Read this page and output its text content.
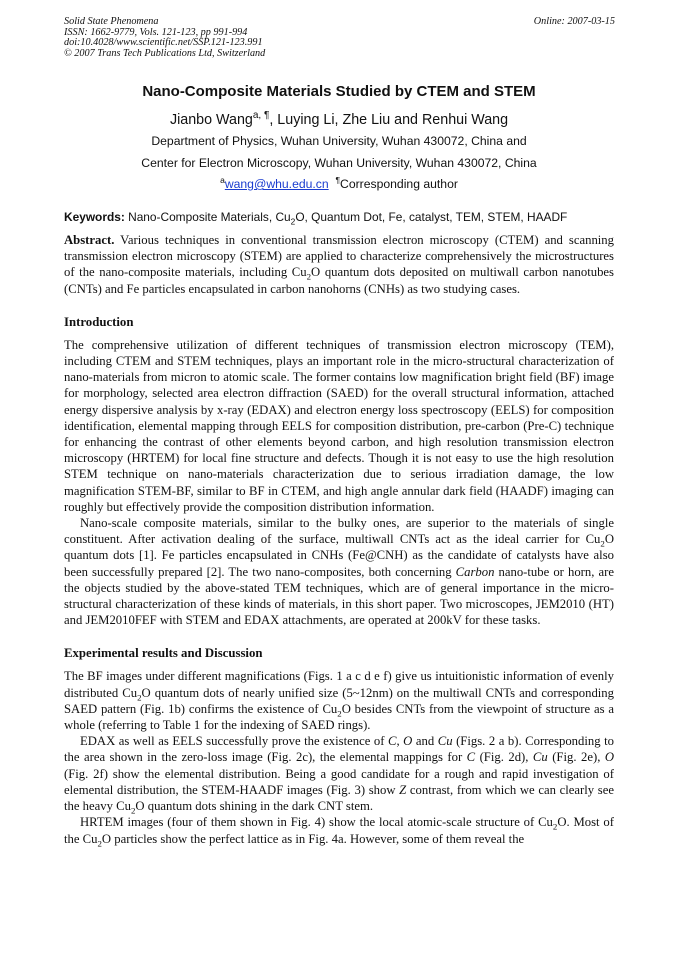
Solid State Phenomena
ISSN: 1662-9779, Vols. 121-123, pp 991-994
doi:10.4028/www.scientific.net/SSP.121-123.991
© 2007 Trans Tech Publications Ltd, Switzerland
Online: 2007-03-15
Nano-Composite Materials Studied by CTEM and STEM
Jianbo Wang$^{a, \P}$, Luying Li, Zhe Liu and Renhui Wang
Department of Physics, Wuhan University, Wuhan 430072, China and
Center for Electron Microscopy, Wuhan University, Wuhan 430072, China
$^a$wang@whu.edu.cn ¶Corresponding author
Keywords: Nano-Composite Materials, $Cu_2O$, Quantum Dot, Fe, catalyst, TEM, STEM, HAADF

Abstract. Various techniques in conventional transmission electron microscopy (CTEM) and scanning transmission electron microscopy (STEM) are applied to characterize comprehensively the microstructures of the nano-composite materials, including $Cu_2O$ quantum dots deposited on multiwall carbon nanotubes (CNTs) and Fe particles encapsulated in carbon nanohorns (CNHs) as two studying cases.

Introduction

The comprehensive utilization of different techniques of transmission electron microscopy (TEM), including CTEM and STEM techniques, plays an important role in the micro-structural characterization of nano-materials from micron to atomic scale. The former contains low magnification bright field (BF) image for morphology, selected area electron diffraction (SAED) for the overall structural information, attached energy dispersive analysis by x-ray (EDAX) and electron energy loss spectroscopy (EELS) for composition identification, elemental mapping through EELS for composition distribution, pre-carbon (Pre-C) technique for enhancing the contrast of other elements beyond carbon, and high resolution transmission electron microscopy (HRTEM) for local fine structure and defects. Though it is not easy to use the high resolution STEM technique on nano-materials characterization due to serious irradiation damage, the low magnification STEM-BF, similar to BF in CTEM, and high angle annular dark field (HAADF) imaging can roughly but effectively provide the composition distribution information.

Nano-scale composite materials, similar to the bulky ones, are superior to the materials of single constituent. After activation dealing of the surface, multiwall CNTs act as the ideal carrier for $Cu_2O$ quantum dots [1]. Fe particles encapsulated in CNHs (Fe@CNH) as the candidate of catalysts have also been successfully prepared [2]. The two nano-composites, both concerning Carbon nano-tube or horn, are the objects studied by the above-stated TEM techniques, which are of general importance in the micro-structural characterization of these kinds of materials, in this short paper. Two microscopes, JEM2010 (HT) and JEM2010FEF with STEM and EDAX attachments, are operated at 200kV for these tasks.

Experimental results and Discussion

The BF images under different magnifications (Figs. 1 a c d e f) give us intuitionistic information of evenly distributed $Cu_2O$ quantum dots of nearly unified size (5~12nm) on the multiwall CNTs and corresponding SAED pattern (Fig. 1b) confirms the existence of $Cu_2O$ besides CNTs from the viewpoint of structure as a whole (referring to Table 1 for the indexing of SAED rings).

EDAX as well as EELS successfully prove the existence of C, O and Cu (Figs. 2 a b). Corresponding to the area shown in the zero-loss image (Fig. 2c), the elemental mappings for C (Fig. 2d), Cu (Fig. 2e), O (Fig. 2f) show the elemental distribution. Being a good candidate for a rough and rapid investigation of elemental distribution, the STEM-HAADF images (Fig. 3) show Z contrast, from which we can clearly see the heavy $Cu_2O$ quantum dots shining in the dark CNT stem.

HRTEM images (four of them shown in Fig. 4) show the local atomic-scale structure of $Cu_2O$. Most of the $Cu_2O$ particles show the perfect lattice as in Fig. 4a. However, some of them reveal the
